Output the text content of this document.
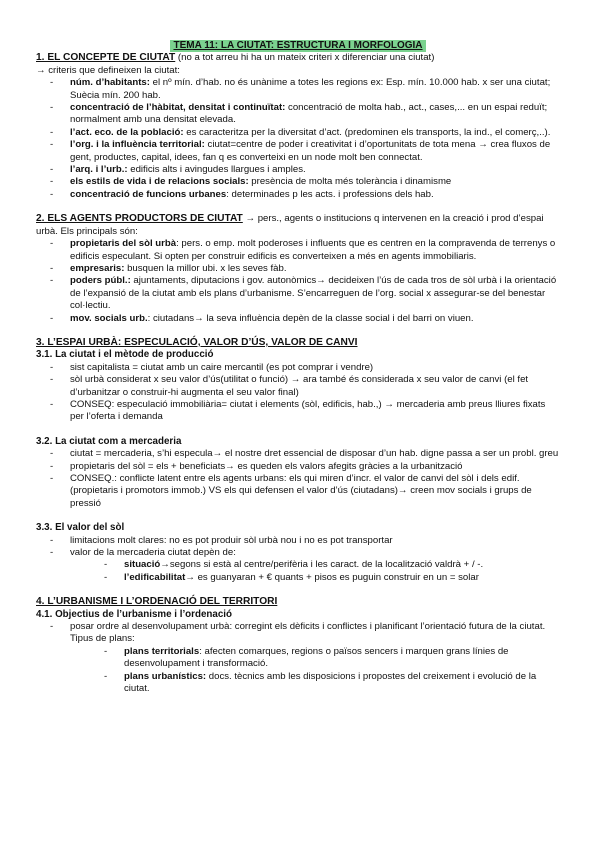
TEMA 11: LA CIUTAT: ESTRUCTURA I MORFOLOGIA

1. EL CONCEPTE DE CIUTAT (no a tot arreu hi ha un mateix criteri x diferenciar una ciutat)

→ criteris que defineixen la ciutat:

- núm. d’habitants: el nº mín. d’hab. no és unànime a totes les regions ex: Esp. mín. 10.000 hab. x ser una ciutat; Suècia mín. 200 hab.
- concentració de l’hàbitat, densitat i continuïtat: concentració de molta hab., act., cases,... en un espai reduït; normalment amb una densitat elevada.
- l’act. eco. de la població: es caracteritza per la diversitat d’act. (predominen els transports, la ind., el comerç,..).
- l’org. i la influència territorial: ciutat=centre de poder i creativitat i d’oportunitats de tota mena → crea fluxos de gent, productes, capital, idees, fan q es converteixi en un node molt ben connectat.
- l’arq. i l’urb.: edificis alts i avingudes llargues i amples.
- els estils de vida i de relacions socials: presència de molta més tolerància i dinamisme
- concentració de funcions urbanes: determinades p les acts. i professions dels hab.

2. ELS AGENTS PRODUCTORS DE CIUTAT → pers., agents o institucions q intervenen en la creació i prod d’espai urbà. Els principals són:

- propietaris del sòl urbà: pers. o emp. molt poderoses i influents que es centren en la compravenda de terrenys o edificis especulant. Si opten per construir edificis es converteixen a més en agents immobiliaris.
- empresaris: busquen la millor ubi. x les seves fàb.
- poders públ.: ajuntaments, diputacions i gov. autonòmics→ decideixen l’ús de cada tros de sòl urbà i la orientació de l’expansió de la ciutat amb els plans d’urbanisme. S’encarreguen de l’org. social x assegurar-se del benestar col·lectiu.
- mov. socials urb.: ciutadans→ la seva influència depèn de la classe social i del barri on viuen.

3. L’ESPAI URBÀ: ESPECULACIÓ, VALOR D’ÚS, VALOR DE CANVI

3.1. La ciutat i el mètode de producció

- sist capitalista = ciutat amb un caire mercantil (es pot comprar i vendre)
- sòl urbà considerat x seu valor d’ús(utilitat o funció) → ara també és considerada x seu valor de canvi (el fet d’urbanitzar o construir-hi augmenta el seu valor final)
- CONSEQ: especulació immobiliària= ciutat i elements (sòl, edificis, hab.,) → mercaderia amb preus lliures fixats per l’oferta i demanda

3.2. La ciutat com a mercaderia

- ciutat = mercaderia, s’hi especula→ el nostre dret essencial de disposar d’un hab. digne passa a ser un probl. greu
- propietaris del sòl = els + beneficiats→ es queden els valors afegits gràcies a la urbanització
- CONSEQ.: conflicte latent entre els agents urbans: els qui miren d’incr. el valor de canvi del sòl i dels edif. (propietaris i promotors immob.) VS els qui defensen el valor d’ús (ciutadans)→ creen mov socials i grups de pressió

3.3. El valor del sòl

- limitacions molt clares: no es pot produir sòl urbà nou i no es pot transportar
- valor de la mercaderia ciutat depèn de:
- situació→segons si està al centre/perifèria i les caract. de la localització valdrà + / -.
- l’edificabilitat→ es guanyaran + € quants + pisos es puguin construir en un = solar

4. L’URBANISME I L’ORDENACIÓ DEL TERRITORI

4.1. Objectius de l’urbanisme i l’ordenació

- posar ordre al desenvolupament urbà: corregint els dèficits i conflictes i planificant l’orientació futura de la ciutat. Tipus de plans:
- plans territorials: afecten comarques, regions o països sencers i marquen grans línies de desenvolupament i transformació.
- plans urbanístics: docs. tècnics amb les disposicions i propostes del creixement i evolució de la ciutat.
